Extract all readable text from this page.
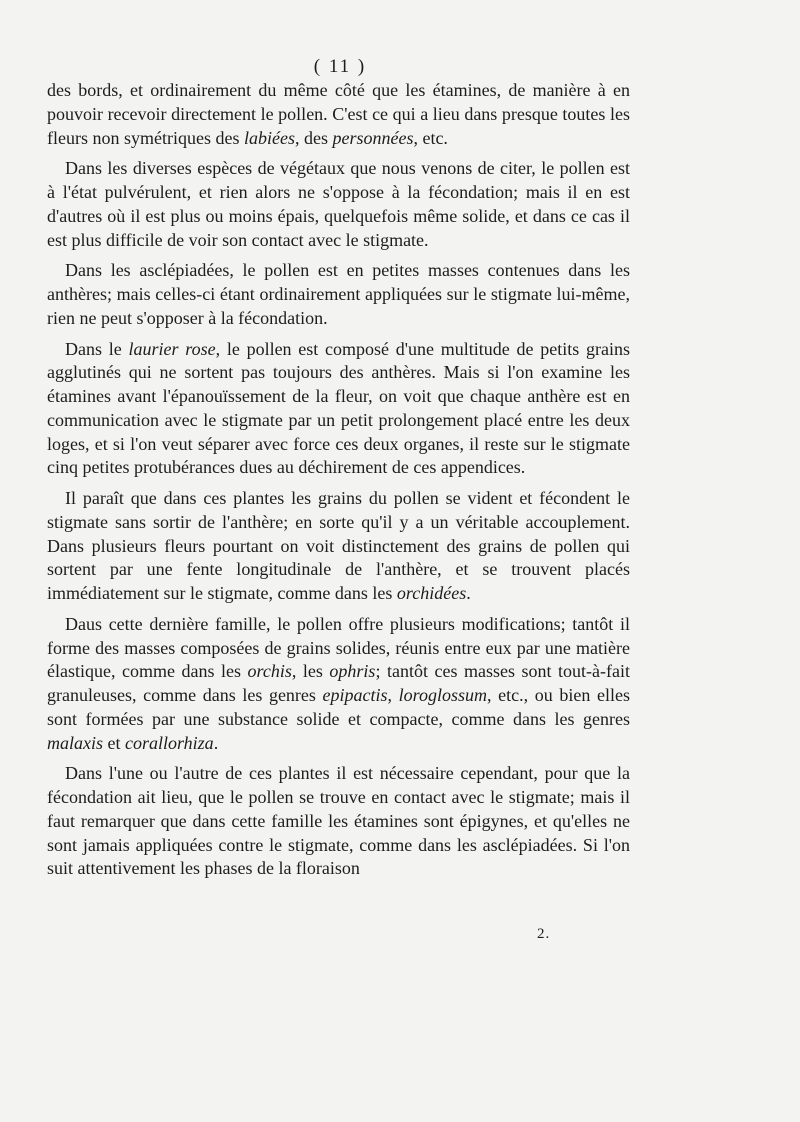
( 11 )

des bords, et ordinairement du même côté que les étamines, de manière à en pouvoir recevoir directement le pollen. C'est ce qui a lieu dans presque toutes les fleurs non symétriques des labiées, des personnées, etc.

Dans les diverses espèces de végétaux que nous venons de citer, le pollen est à l'état pulvérulent, et rien alors ne s'oppose à la fécondation; mais il en est d'autres où il est plus ou moins épais, quelquefois même solide, et dans ce cas il est plus difficile de voir son contact avec le stigmate.

Dans les asclépiadées, le pollen est en petites masses contenues dans les anthères; mais celles-ci étant ordinairement appliquées sur le stigmate lui-même, rien ne peut s'opposer à la fécondation.

Dans le laurier rose, le pollen est composé d'une multitude de petits grains agglutinés qui ne sortent pas toujours des anthères. Mais si l'on examine les étamines avant l'épanouïssement de la fleur, on voit que chaque anthère est en communication avec le stigmate par un petit prolongement placé entre les deux loges, et si l'on veut séparer avec force ces deux organes, il reste sur le stigmate cinq petites protubérances dues au déchirement de ces appendices.

Il paraît que dans ces plantes les grains du pollen se vident et fécondent le stigmate sans sortir de l'anthère; en sorte qu'il y a un véritable accouplement. Dans plusieurs fleurs pourtant on voit distinctement des grains de pollen qui sortent par une fente longitudinale de l'anthère, et se trouvent placés immédiatement sur le stigmate, comme dans les orchidées.

Daus cette dernière famille, le pollen offre plusieurs modifications; tantôt il forme des masses composées de grains solides, réunis entre eux par une matière élastique, comme dans les orchis, les ophris; tantôt ces masses sont tout-à-fait granuleuses, comme dans les genres epipactis, loroglossum, etc., ou bien elles sont formées par une substance solide et compacte, comme dans les genres malaxis et corallorhiza.

Dans l'une ou l'autre de ces plantes il est nécessaire cependant, pour que la fécondation ait lieu, que le pollen se trouve en contact avec le stigmate; mais il faut remarquer que dans cette famille les étamines sont épigynes, et qu'elles ne sont jamais appliquées contre le stigmate, comme dans les asclépiadées. Si l'on suit attentivement les phases de la floraison

2.
